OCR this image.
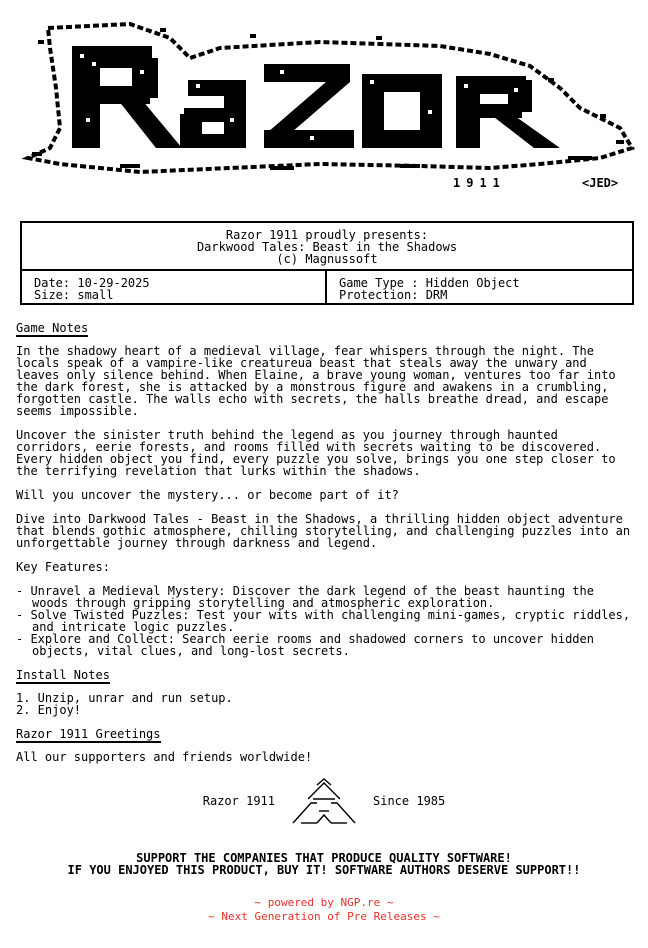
1911	<JED>
Razor 1911 proudly presents:
Darkwood Tales: Beast in the Shadows
(c) Magnussoft
Date: 10-29-2025
Size: small
Game Type : Hidden Object
Protection: DRM
Game Notes

In the shadowy heart of a medieval village, fear whispers through the night. The locals speak of a vampire-like creatureua beast that steals away the unwary and leaves only silence behind. When Elaine, a brave young woman, ventures too far into the dark forest, she is attacked by a monstrous figure and awakens in a crumbling, forgotten castle. The walls echo with secrets, the halls breathe dread, and escape seems impossible.

Uncover the sinister truth behind the legend as you journey through haunted corridors, eerie forests, and rooms filled with secrets waiting to be discovered. Every hidden object you find, every puzzle you solve, brings you one step closer to the terrifying revelation that lurks within the shadows.

Will you uncover the mystery... or become part of it?

Dive into Darkwood Tales - Beast in the Shadows, a thrilling hidden object adventure that blends gothic atmosphere, chilling storytelling, and challenging puzzles into an unforgettable journey through darkness and legend.

Key Features:
- Unravel a Medieval Mystery: Discover the dark legend of the beast haunting the woods through gripping storytelling and atmospheric exploration.
- Solve Twisted Puzzles: Test your wits with challenging mini-games, cryptic riddles, and intricate logic puzzles.
- Explore and Collect: Search eerie rooms and shadowed corners to uncover hidden objects, vital clues, and long-lost secrets.
Install Notes
1. Unzip, unrar and run setup.
2. Enjoy!
Razor 1911 Greetings
All our supporters and friends worldwide!
Razor 1911	Since 1985
SUPPORT THE COMPANIES THAT PRODUCE QUALITY SOFTWARE!
IF YOU ENJOYED THIS PRODUCT, BUY IT! SOFTWARE AUTHORS DESERVE SUPPORT!!
~ powered by NGP.re ~
~ Next Generation of Pre Releases ~
